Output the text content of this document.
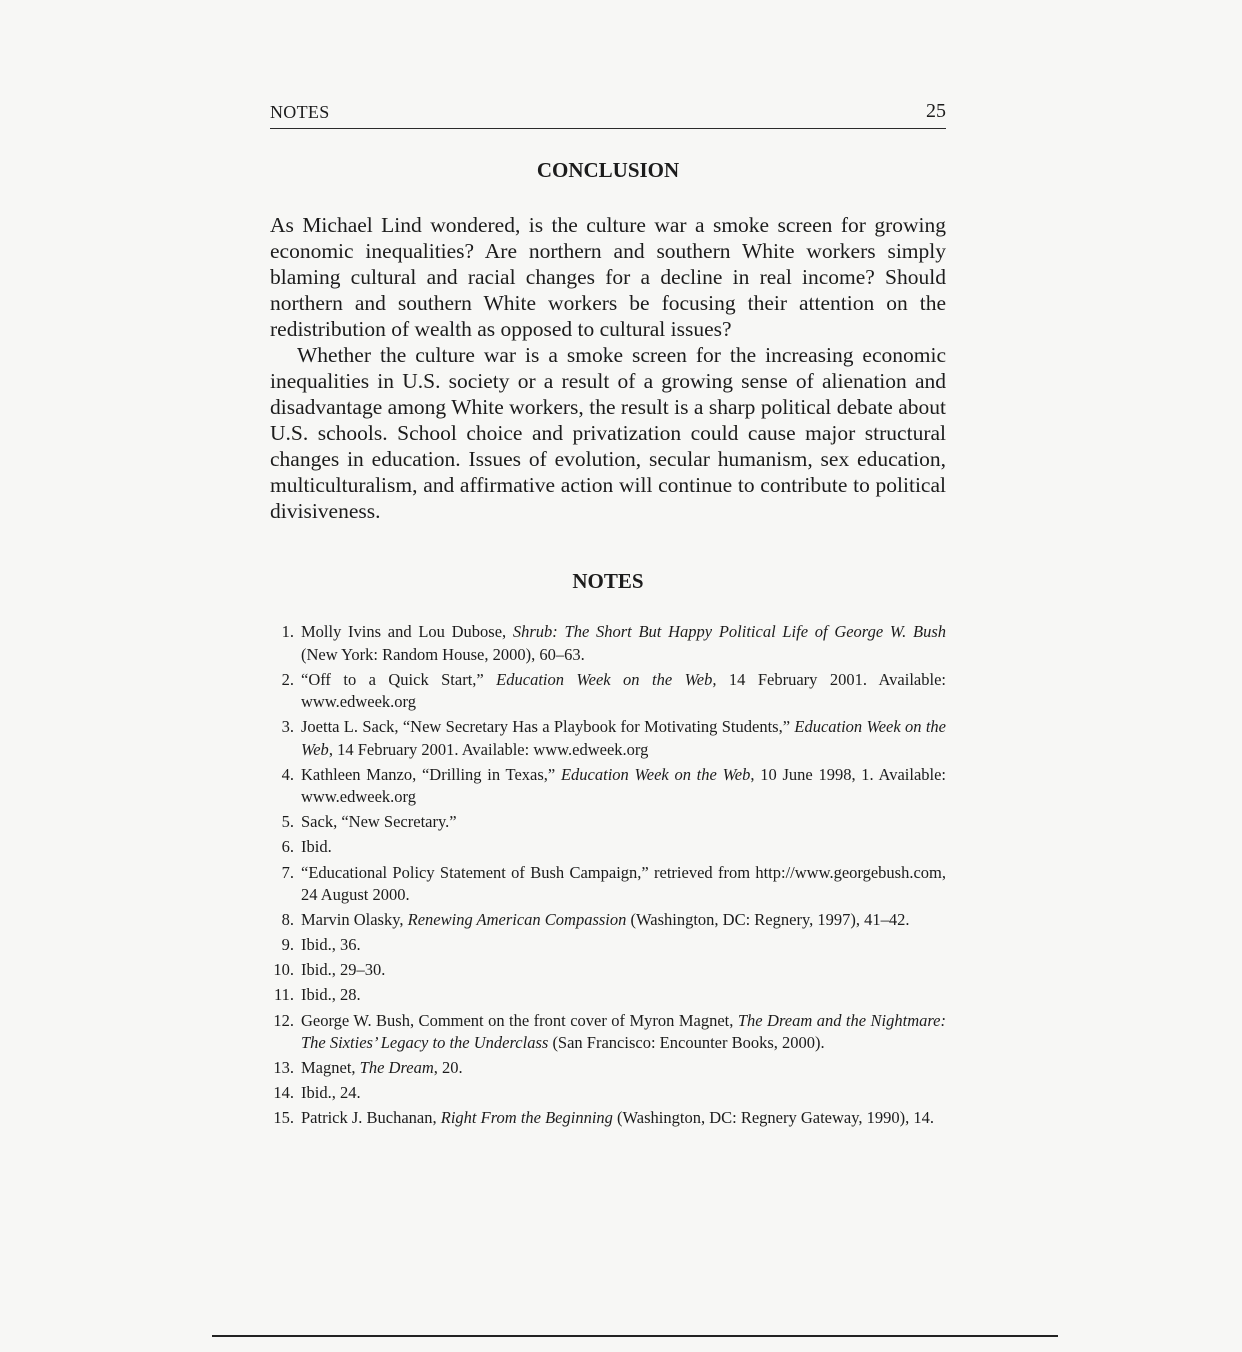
NOTES	25
CONCLUSION

As Michael Lind wondered, is the culture war a smoke screen for growing economic inequalities? Are northern and southern White workers simply blaming cultural and racial changes for a decline in real income? Should northern and southern White workers be focusing their attention on the redistribution of wealth as opposed to cultural issues?

Whether the culture war is a smoke screen for the increasing economic inequalities in U.S. society or a result of a growing sense of alienation and disadvantage among White workers, the result is a sharp political debate about U.S. schools. School choice and privatization could cause major structural changes in education. Issues of evolution, secular humanism, sex education, multiculturalism, and affirmative action will continue to contribute to political divisiveness.

NOTES
1. Molly Ivins and Lou Dubose, Shrub: The Short But Happy Political Life of George W. Bush (New York: Random House, 2000), 60–63.
2. “Off to a Quick Start,” Education Week on the Web, 14 February 2001. Available: www.edweek.org
3. Joetta L. Sack, “New Secretary Has a Playbook for Motivating Students,” Education Week on the Web, 14 February 2001. Available: www.edweek.org
4. Kathleen Manzo, “Drilling in Texas,” Education Week on the Web, 10 June 1998, 1. Available: www.edweek.org
5. Sack, “New Secretary.”
6. Ibid.
7. “Educational Policy Statement of Bush Campaign,” retrieved from http://www.georgebush.com, 24 August 2000.
8. Marvin Olasky, Renewing American Compassion (Washington, DC: Regnery, 1997), 41–42.
9. Ibid., 36.
10. Ibid., 29–30.
11. Ibid., 28.
12. George W. Bush, Comment on the front cover of Myron Magnet, The Dream and the Nightmare: The Sixties’ Legacy to the Underclass (San Francisco: Encounter Books, 2000).
13. Magnet, The Dream, 20.
14. Ibid., 24.
15. Patrick J. Buchanan, Right From the Beginning (Washington, DC: Regnery Gateway, 1990), 14.
